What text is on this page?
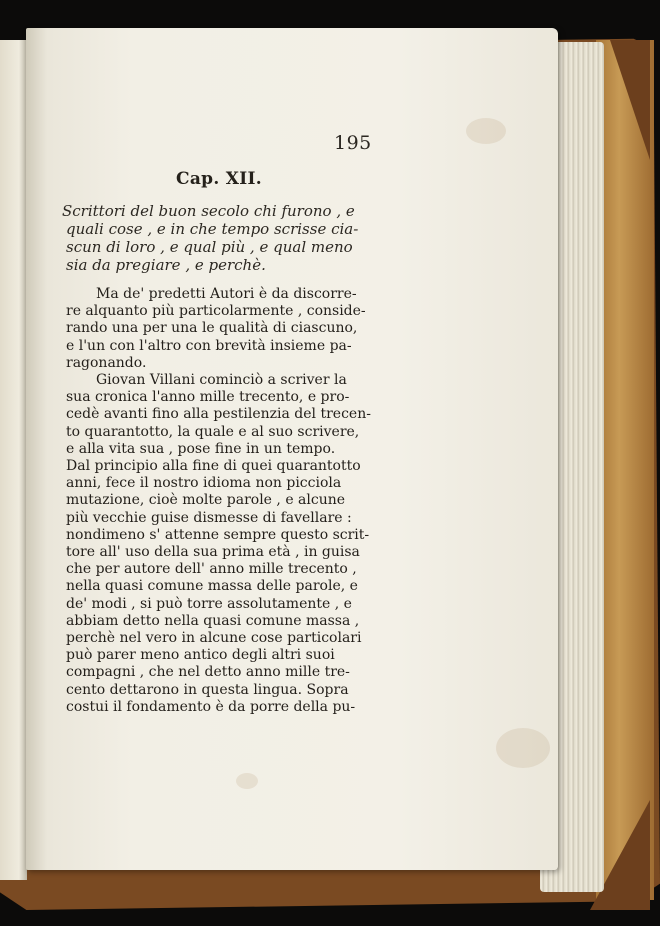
195
Cap. XII.
Scrittori del buon secolo chi furono , e
quali cose , e in che tempo scrisse cia-
scun di loro , e qual più , e qual meno
sia da pregiare , e perchè.
Ma de' predetti Autori è da discorre-
re alquanto più particolarmente , conside-
rando una per una le qualità di ciascuno,
e l'un con l'altro con brevità insieme pa-
ragonando.
Giovan Villani cominciò a scriver la
sua cronica l'anno mille trecento, e pro-
cedè avanti fino alla pestilenzia del trecen-
to quarantotto, la quale e al suo scrivere,
e alla vita sua , pose fine in un tempo.
Dal principio alla fine di quei quarantotto
anni, fece il nostro idioma non picciola
mutazione, cioè molte parole , e alcune
più vecchie guise dismesse di favellare :
nondimeno s' attenne sempre questo scrit-
tore all' uso della sua prima età , in guisa
che per autore dell' anno mille trecento ,
nella quasi comune massa delle parole, e
de' modi , si può torre assolutamente , e
abbiam detto nella quasi comune massa ,
perchè nel vero in alcune cose particolari
può parer meno antico degli altri suoi
compagni , che nel detto anno mille tre-
cento dettarono in questa lingua. Sopra
costui il fondamento è da porre della pu-
